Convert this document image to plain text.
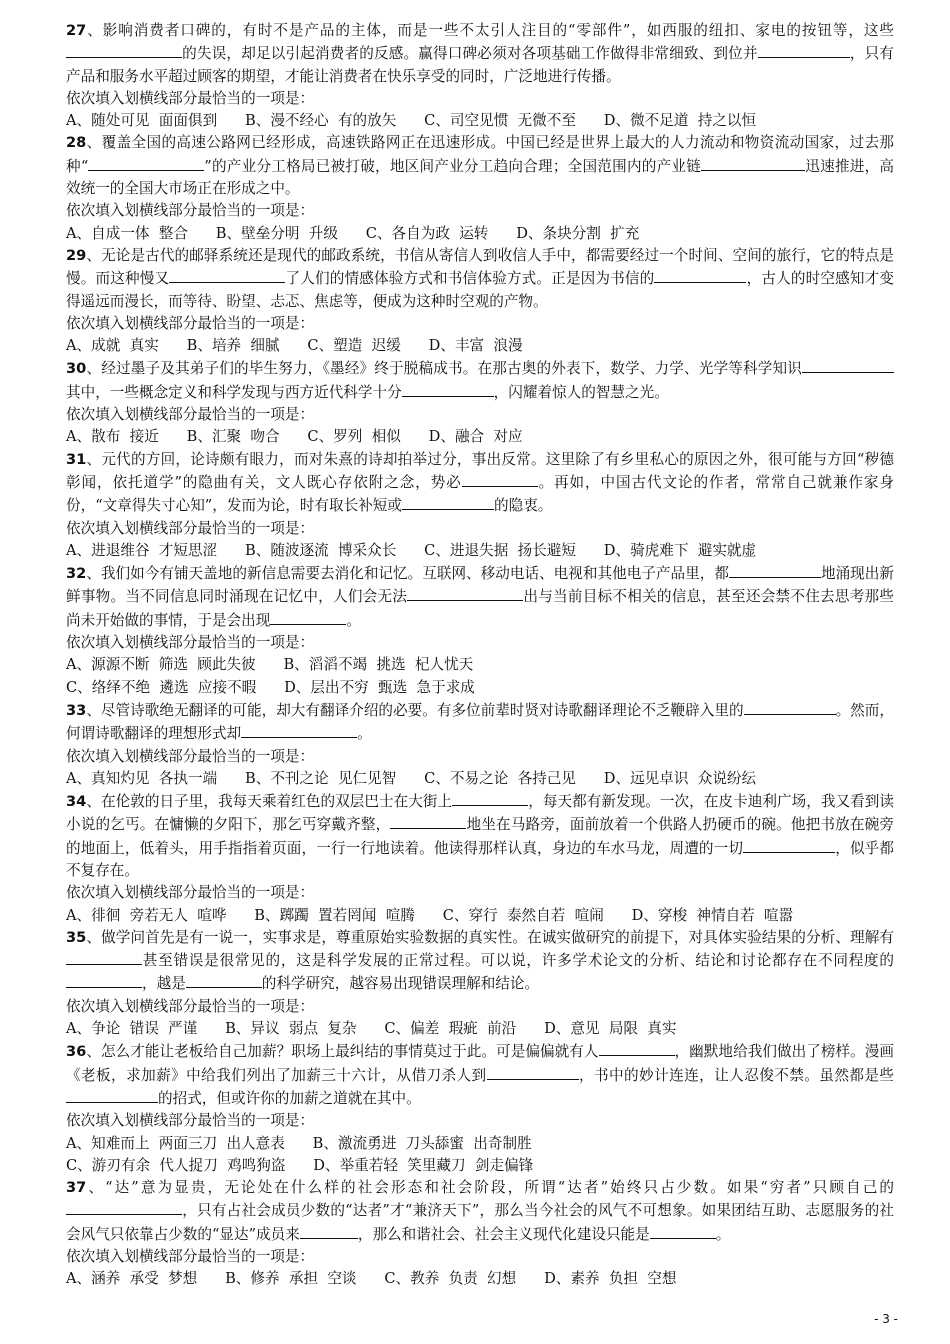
27、影响消费者口碑的，有时不是产品的主体，而是一些不太引人注目的“零部件”，如西服的纽扣、家电的按钮等，这些的失误，却足以引起消费者的反感。赢得口碑必须对各项基础工作做得非常细致、到位并	，只有产品和服务水平超过顾客的期望，才能让消费者在快乐享受的同时，广泛地进行传播。

依次填入划横线部分最恰当的一项是：

A、随处可见  面面俱到      B、漫不经心  有的放矢      C、司空见惯  无微不至      D、微不足道  持之以恒

28、覆盖全国的高速公路网已经形成，高速铁路网正在迅速形成。中国已经是世界上最大的人力流动和物资流动国家，过去那种“	”的产业分工格局已被打破，地区间产业分工趋向合理；全国范围内的产业链	迅速推进，高效统一的全国大市场正在形成之中。

依次填入划横线部分最恰当的一项是：

A、自成一体  整合      B、壁垒分明  升级      C、各自为政  运转      D、条块分割  扩充

29、无论是古代的邮驿系统还是现代的邮政系统，书信从寄信人到收信人手中，都需要经过一个时间、空间的旅行，它的特点是慢。而这种慢又	了人们的情感体验方式和书信体验方式。正是因为书信的	，古人的时空感知才变得遥远而漫长，而等待、盼望、忐忑、焦虑等，便成为这种时空观的产物。

依次填入划横线部分最恰当的一项是：

A、成就  真实      B、培养  细腻      C、塑造  迟缓      D、丰富  浪漫

30、经过墨子及其弟子们的毕生努力，《墨经》终于脱稿成书。在那古奥的外表下，数学、力学、光学等科学知识其中，一些概念定义和科学发现与西方近代科学十分	，闪耀着惊人的智慧之光。

依次填入划横线部分最恰当的一项是：

A、散布  接近      B、汇聚  吻合      C、罗列  相似      D、融合  对应

31、元代的方回，论诗颇有眼力，而对朱熹的诗却拍举过分，事出反常。这里除了有乡里私心的原因之外，很可能与方回“秽德彰闻，依托道学”的隐曲有关，文人既心存依附之念，势必	。再如，中国古代文论的作者，常常自己就兼作家身份，“文章得失寸心知”，发而为论，时有取长补短或	的隐衷。

依次填入划横线部分最恰当的一项是：

A、进退维谷  才短思涩      B、随波逐流  博采众长      C、进退失据  扬长避短      D、骑虎难下  避实就虚

32、我们如今有铺天盖地的新信息需要去消化和记忆。互联网、移动电话、电视和其他电子产品里，都	地涌现出新鲜事物。当不同信息同时涌现在记忆中，人们会无法	出与当前目标不相关的信息，甚至还会禁不住去思考那些尚未开始做的事情，于是会出现	。

依次填入划横线部分最恰当的一项是：

A、源源不断  筛选  顾此失彼      B、滔滔不竭  挑选  杞人忧天

C、络绎不绝  遴选  应接不暇      D、层出不穷  甄选  急于求成

33、尽管诗歌绝无翻译的可能，却大有翻译介绍的必要。有多位前辈时贤对诗歌翻译理论不乏鞭辟入里的	。然而，何谓诗歌翻译的理想形式却	。

依次填入划横线部分最恰当的一项是：

A、真知灼见  各执一端      B、不刊之论  见仁见智      C、不易之论  各持己见      D、远见卓识  众说纷纭

34、在伦敦的日子里，我每天乘着红色的双层巴士在大街上	，每天都有新发现。一次，在皮卡迪利广场，我又看到读小说的乞丐。在慵懒的夕阳下，那乞丐穿戴齐整，	地坐在马路旁，面前放着一个供路人扔硬币的碗。他把书放在碗旁的地面上，低着头，用手指指着页面，一行一行地读着。他读得那样认真，身边的车水马龙，周遭的一切	，似乎都不复存在。

依次填入划横线部分最恰当的一项是：

A、徘徊  旁若无人  喧哗      B、踯躅  置若罔闻  喧腾      C、穿行  泰然自若  喧闹      D、穿梭  神情自若  喧嚣

35、做学问首先是有一说一，实事求是，尊重原始实验数据的真实性。在诚实做研究的前提下，对具体实验结果的分析、理解有甚至错误是很常见的，这是科学发展的正常过程。可以说，许多学术论文的分析、结论和讨论都存在不同程度的，越是	的科学研究，越容易出现错误理解和结论。

依次填入划横线部分最恰当的一项是：

A、争论  错误  严谨      B、异议  弱点  复杂      C、偏差  瑕疵  前沿      D、意见  局限  真实

36、怎么才能让老板给自己加薪？职场上最纠结的事情莫过于此。可是偏偏就有人	，幽默地给我们做出了榜样。漫画《老板，求加薪》中给我们列出了加薪三十六计，从借刀杀人到	，书中的妙计连连，让人忍俊不禁。虽然都是些的招式，但或许你的加薪之道就在其中。

依次填入划横线部分最恰当的一项是：

A、知难而上  两面三刀  出人意表      B、激流勇进  刀头舔蜜  出奇制胜

C、游刃有余  代人捉刀  鸡鸣狗盗      D、举重若轻  笑里藏刀  剑走偏锋

37、“达”意为显贵，无论处在什么样的社会形态和社会阶段，所谓“达者”始终只占少数。如果“穷者”只顾自己的，只有占社会成员少数的“达者”才“兼济天下”，那么当今社会的风气不可想象。如果团结互助、志愿服务的社会风气只依靠占少数的“显达”成员来	，那么和谐社会、社会主义现代化建设只能是	。

依次填入划横线部分最恰当的一项是：

A、涵养  承受  梦想      B、修养  承担  空谈      C、教养  负责  幻想      D、素养  负担  空想

- 3 -
